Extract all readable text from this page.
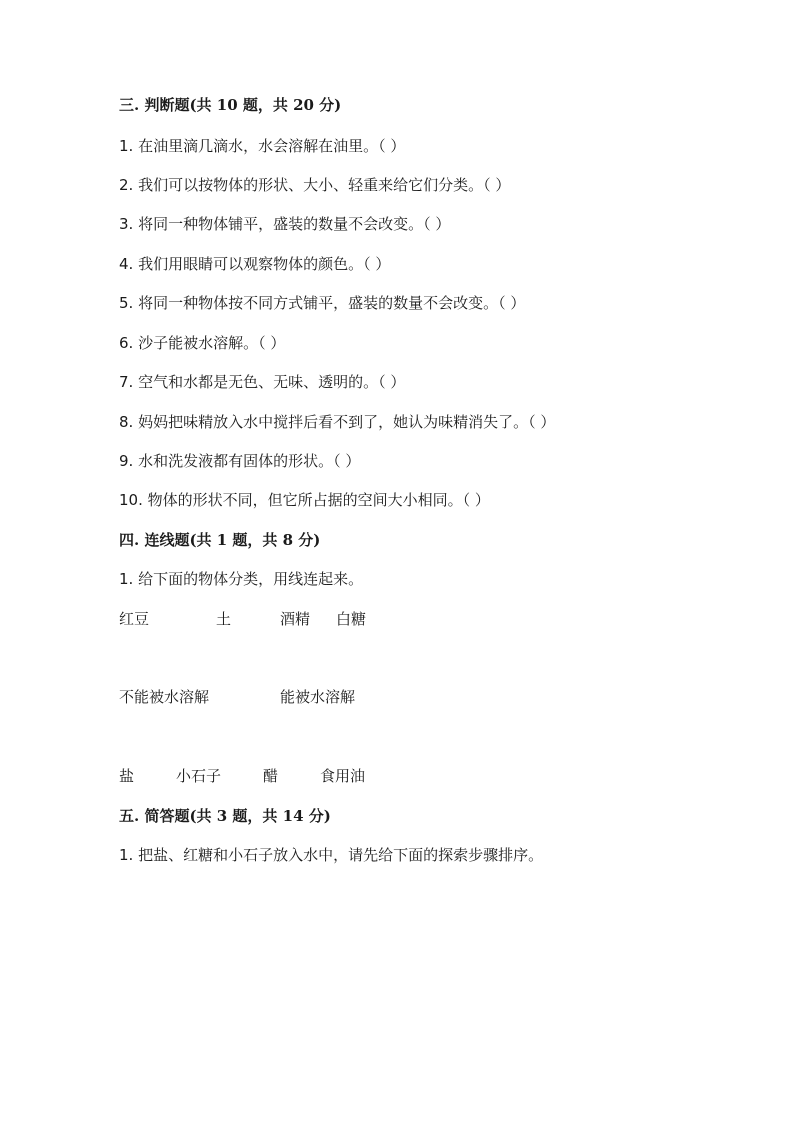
三. 判断题(共 10 题，共 20 分)
1. 在油里滴几滴水，水会溶解在油里。（ ）
2. 我们可以按物体的形状、大小、轻重来给它们分类。（ ）
3. 将同一种物体铺平，盛装的数量不会改变。（ ）
4. 我们用眼睛可以观察物体的颜色。（ ）
5. 将同一种物体按不同方式铺平，盛装的数量不会改变。（ ）
6. 沙子能被水溶解。（ ）
7. 空气和水都是无色、无味、透明的。（ ）
8. 妈妈把味精放入水中搅拌后看不到了，她认为味精消失了。（ ）
9. 水和洗发液都有固体的形状。（ ）
10. 物体的形状不同，但它所占据的空间大小相同。（ ）
四. 连线题(共 1 题，共 8 分)
1. 给下面的物体分类，用线连起来。
红豆	土	酒精 白糖
不能被水溶解	能被水溶解
盐	小石子	醋	食用油
五. 简答题(共 3 题，共 14 分)
1. 把盐、红糖和小石子放入水中，请先给下面的探索步骤排序。
